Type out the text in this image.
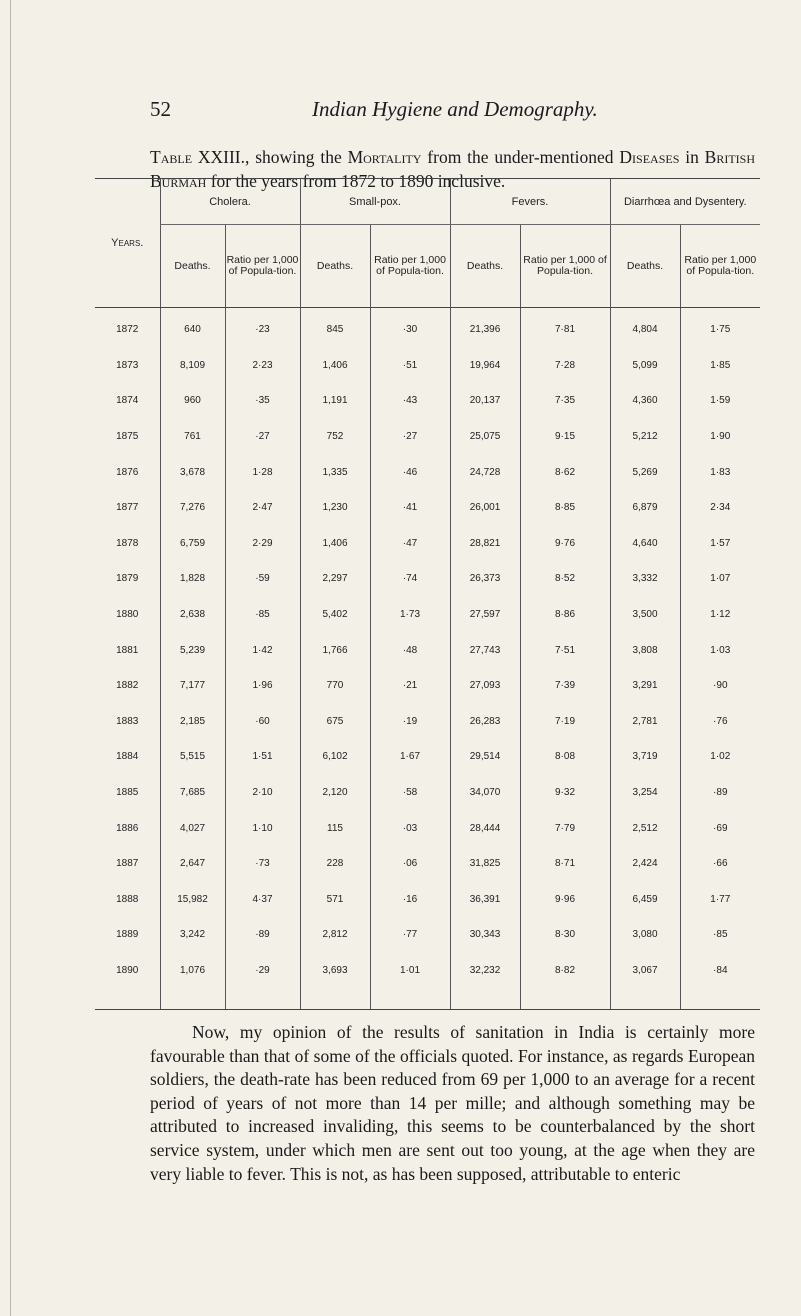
52	Indian Hygiene and Demography.
Table XXIII., showing the Mortality from the under-mentioned Diseases in British Burmah for the years from 1872 to 1890 inclusive.
Years.	Cholera.		Small-pox.		Fevers.		Diarrhœa and Dysentery.	
	Deaths.	Ratio per 1,000 of Popula-tion.	Deaths.	Ratio per 1,000 of Popula-tion.	Deaths.	Ratio per 1,000 of Popula-tion.	Deaths.	Ratio per 1,000 of Popula-tion.
1872	640	·23	845	·30	21,396	7·81	4,804	1·75
1873	8,109	2·23	1,406	·51	19,964	7·28	5,099	1·85
1874	960	·35	1,191	·43	20,137	7·35	4,360	1·59
1875	761	·27	752	·27	25,075	9·15	5,212	1·90
1876	3,678	1·28	1,335	·46	24,728	8·62	5,269	1·83
1877	7,276	2·47	1,230	·41	26,001	8·85	6,879	2·34
1878	6,759	2·29	1,406	·47	28,821	9·76	4,640	1·57
1879	1,828	·59	2,297	·74	26,373	8·52	3,332	1·07
1880	2,638	·85	5,402	1·73	27,597	8·86	3,500	1·12
1881	5,239	1·42	1,766	·48	27,743	7·51	3,808	1·03
1882	7,177	1·96	770	·21	27,093	7·39	3,291	·90
1883	2,185	·60	675	·19	26,283	7·19	2,781	·76
1884	5,515	1·51	6,102	1·67	29,514	8·08	3,719	1·02
1885	7,685	2·10	2,120	·58	34,070	9·32	3,254	·89
1886	4,027	1·10	115	·03	28,444	7·79	2,512	·69
1887	2,647	·73	228	·06	31,825	8·71	2,424	·66
1888	15,982	4·37	571	·16	36,391	9·96	6,459	1·77
1889	3,242	·89	2,812	·77	30,343	8·30	3,080	·85
1890	1,076	·29	3,693	1·01	32,232	8·82	3,067	·84

Now, my opinion of the results of sanitation in India is certainly more favourable than that of some of the officials quoted. For instance, as regards European soldiers, the death-rate has been reduced from 69 per 1,000 to an average for a recent period of years of not more than 14 per mille; and although something may be attributed to increased invaliding, this seems to be counterbalanced by the short service system, under which men are sent out too young, at the age when they are very liable to fever. This is not, as has been supposed, attributable to enteric
